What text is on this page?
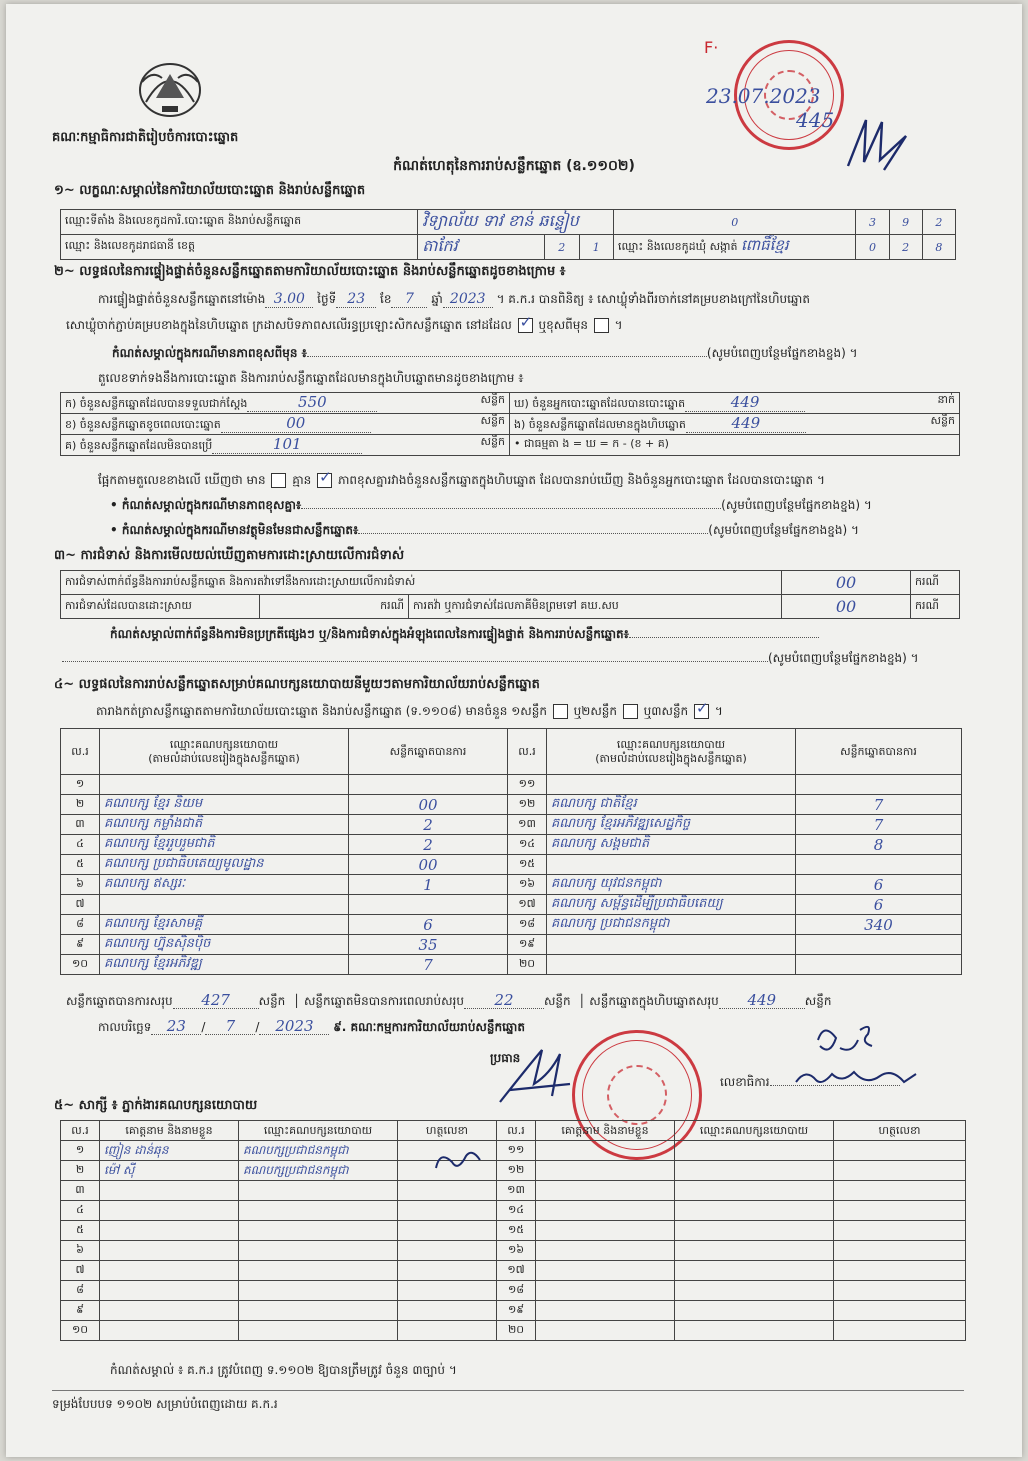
គណៈកម្មាធិការជាតិរៀបចំការបោះឆ្នោត
23.07.2023
445
F·
កំណត់ហេតុនៃការរាប់សន្លឹកឆ្នោត (ឧ.១១០២)
១~ លក្ខណៈសម្គាល់នៃការិយាល័យបោះឆ្នោត និងរាប់សន្លឹកឆ្នោត
ឈ្មោះទីតាំង និងលេខកូដការិ.បោះឆ្នោត និងរាប់សន្លឹកឆ្នោត	វិទ្យាល័យ ទាវ ខាន់ ឆន្ទៀប			0	3	9	2
ឈ្មោះ និងលេខកូដរាជធានី ខេត្ត	តាកែវ	2	1	ឈ្មោះ និងលេខកូដឃុំ សង្កាត់ ពោធិ៍ខ្មែរ	0	2	8
២~ លទ្ធផលនៃការផ្ទៀងផ្ទាត់ចំនួនសន្លឹកឆ្នោតតាមការិយាល័យបោះឆ្នោត និងរាប់សន្លឹកឆ្នោតដូចខាងក្រោម ៖
ការផ្ទៀងផ្ទាត់ចំនួនសន្លឹកឆ្នោតនៅម៉ោង 3.00 ថ្ងៃទី 23 ខែ 7 ឆ្នាំ 2023 ។ គ.ក.រ បានពិនិត្យ ៖ សោឃ្លុំទាំងពីរចាក់នៅគម្របខាងក្រៅនៃហិបឆ្នោត
សោឃ្លុំចាក់ភ្ជាប់គម្របខាងក្នុងនៃហិបឆ្នោត ក្រដាសបិទភាពសលើរន្ធប្រឡោះសិកសន្លឹកឆ្នោត នៅដដែល ✓ ឬខុសពីមុន ។
កំណត់សម្គាល់ក្នុងករណីមានភាពខុសពីមុន ៖	(សូមបំពេញបន្ថែមផ្នែកខាងខ្នង) ។
តួលេខទាក់ទងនឹងការបោះឆ្នោត និងការរាប់សន្លឹកឆ្នោតដែលមានក្នុងហិបឆ្នោតមានដូចខាងក្រោម ៖
ក) ចំនួនសន្លឹកឆ្នោតដែលបានទទួលជាក់ស្តែង 550 សន្លឹក	ឃ) ចំនួនអ្នកបោះឆ្នោតដែលបានបោះឆ្នោត 449 នាក់

ខ) ចំនួនសន្លឹកឆ្នោតខូចពេលបោះឆ្នោត 00 សន្លឹក	ង) ចំនួនសន្លឹកឆ្នោតដែលមានក្នុងហិបឆ្នោត 449 សន្លឹក

គ) ចំនួនសន្លឹកឆ្នោតដែលមិនបានប្រើ 101 សន្លឹក	• ជាធម្មតា ង = ឃ = ក - (ខ + គ)
ផ្អែកតាមតួលេខខាងលើ ឃើញថា មាន គ្មាន ✓ ភាពខុសគ្នារវាងចំនួនសន្លឹកឆ្នោតក្នុងហិបឆ្នោត ដែលបានរាប់ឃើញ និងចំនួនអ្នកបោះឆ្នោត ដែលបានបោះឆ្នោត ។
• កំណត់សម្គាល់ក្នុងករណីមានភាពខុសគ្នា៖	(សូមបំពេញបន្ថែមផ្នែកខាងខ្នង) ។
• កំណត់សម្គាល់ក្នុងករណីមានវត្ថុមិនមែនជាសន្លឹកឆ្នោត៖	(សូមបំពេញបន្ថែមផ្នែកខាងខ្នង) ។
៣~ ការជំទាស់ និងការមើលយល់ឃើញតាមការដោះស្រាយលើការជំទាស់
ការជំទាស់ពាក់ព័ន្ធនឹងការរាប់សន្លឹកឆ្នោត និងការតវ៉ាទៅនឹងការដោះស្រាយលើការជំទាស់			00	ករណី
ការជំទាស់ដែលបានដោះស្រាយ	ករណី	ការតវ៉ា ឬការជំទាស់ដែលភាគីមិនព្រមទៅ គឃ.សប	00	ករណី
កំណត់សម្គាល់ពាក់ព័ន្ធនឹងការមិនប្រក្រតីផ្សេងៗ ឬ/និងការជំទាស់ក្នុងអំឡុងពេលនៃការផ្ទៀងផ្ទាត់ និងការរាប់សន្លឹកឆ្នោត៖
(សូមបំពេញបន្ថែមផ្នែកខាងខ្នង) ។
៤~ លទ្ធផលនៃការរាប់សន្លឹកឆ្នោតសម្រាប់គណបក្សនយោបាយនីមួយៗតាមការិយាល័យរាប់សន្លឹកឆ្នោត
តារាងកត់ត្រាសន្លឹកឆ្នោតតាមការិយាល័យបោះឆ្នោត និងរាប់សន្លឹកឆ្នោត (ទ.១១០៨) មានចំនួន ១សន្លឹក ឬ២សន្លឹក ឬ៣សន្លឹក ✓ ។
ល.រ	ឈ្មោះគណបក្សនយោបាយ
(តាមលំដាប់លេខរៀងក្នុងសន្លឹកឆ្នោត)	សន្លឹកឆ្នោតបានការ	ល.រ	ឈ្មោះគណបក្សនយោបាយ
(តាមលំដាប់លេខរៀងក្នុងសន្លឹកឆ្នោត)	សន្លឹកឆ្នោតបានការ
១			១១		
២	គណបក្ស ខ្មែរ និយម	00	១២	គណបក្ស ជាតិខ្មែរ	7
៣	គណបក្ស កម្លាំងជាតិ	2	១៣	គណបក្ស ខ្មែរអភិវឌ្ឍសេដ្ឋកិច្ច	7
៤	គណបក្ស ខ្មែររួបរួមជាតិ	2	១៤	គណបក្ស សង្គមជាតិ	8
៥	គណបក្ស ប្រជាធិបតេយ្យមូលដ្ឋាន	00	១៥		
៦	គណបក្ស ឥស្សរៈ	1	១៦	គណបក្ស យុវជនកម្ពុជា	6
៧			១៧	គណបក្ស សម្ព័ន្ធដើម្បីប្រជាធិបតេយ្យ	6
៨	គណបក្ស ខ្មែរសាមគ្គី	6	១៨	គណបក្ស ប្រជាជនកម្ពុជា	340
៩	គណបក្ស ហ្វ៊ុនស៊ិនប៉ិច	35	១៩		
១០	គណបក្ស ខ្មែរអភិវឌ្ឍ	7	២០		
សន្លឹកឆ្នោតបានការសរុប 427 សន្លឹក  │ សន្លឹកឆ្នោតមិនបានការពេលរាប់សរុប 22	សន្លឹក  │ សន្លឹកឆ្នោតក្នុងហិបឆ្នោតសរុប 449 សន្លឹក
កាលបរិច្ឆេទ 23 / 7 / 2023 ៩. គណៈកម្មការការិយាល័យរាប់សន្លឹកឆ្នោត
ប្រធាន
លេខាធិការ
៥~ សាក្សី ៖ ភ្នាក់ងារគណបក្សនយោបាយ
ល.រ	គោត្តនាម និងនាមខ្លួន	ឈ្មោះគណបក្សនយោបាយ	ហត្ថលេខា	ល.រ	គោត្តនាម និងនាមខ្លួន	ឈ្មោះគណបក្សនយោបាយ	ហត្ថលេខា
១	ញៀន ដាន់ឆុន	គណបក្សប្រជាជនកម្ពុជា		១១			
២	ម៉ៅ ស៊ី	គណបក្សប្រជាជនកម្ពុជា		១២			
៣				១៣			
៤				១៤			
៥				១៥			
៦				១៦			
៧				១៧			
៨				១៨			
៩				១៩			
១០				២០			
កំណត់សម្គាល់ ៖ គ.ក.រ ត្រូវបំពេញ ទ.១១០២ ឱ្យបានត្រឹមត្រូវ ចំនួន ៣ច្បាប់ ។
ទម្រង់បែបបទ ១១០២ សម្រាប់បំពេញដោយ គ.ក.រ
